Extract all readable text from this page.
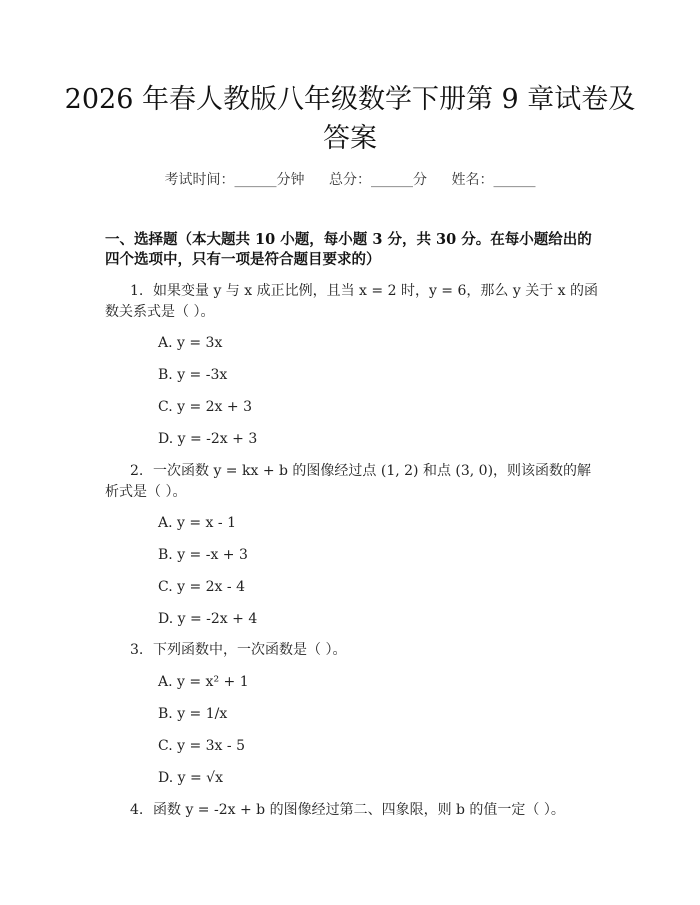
2026 年春人教版八年级数学下册第 9 章试卷及答案
考试时间：______分钟 总分：______分 姓名：______
一、选择题（本大题共 10 小题，每小题 3 分，共 30 分。在每小题给出的四个选项中，只有一项是符合题目要求的）
1. 如果变量 y 与 x 成正比例，且当 x = 2 时，y = 6，那么 y 关于 x 的函数关系式是（ ）。
A. y = 3x
B. y = -3x
C. y = 2x + 3
D. y = -2x + 3
2. 一次函数 y = kx + b 的图像经过点 (1, 2) 和点 (3, 0)，则该函数的解析式是（ ）。
A. y = x - 1
B. y = -x + 3
C. y = 2x - 4
D. y = -2x + 4
3. 下列函数中，一次函数是（ ）。
A. y = x² + 1
B. y = 1/x
C. y = 3x - 5
D. y = √x
4. 函数 y = -2x + b 的图像经过第二、四象限，则 b 的值一定（ ）。
